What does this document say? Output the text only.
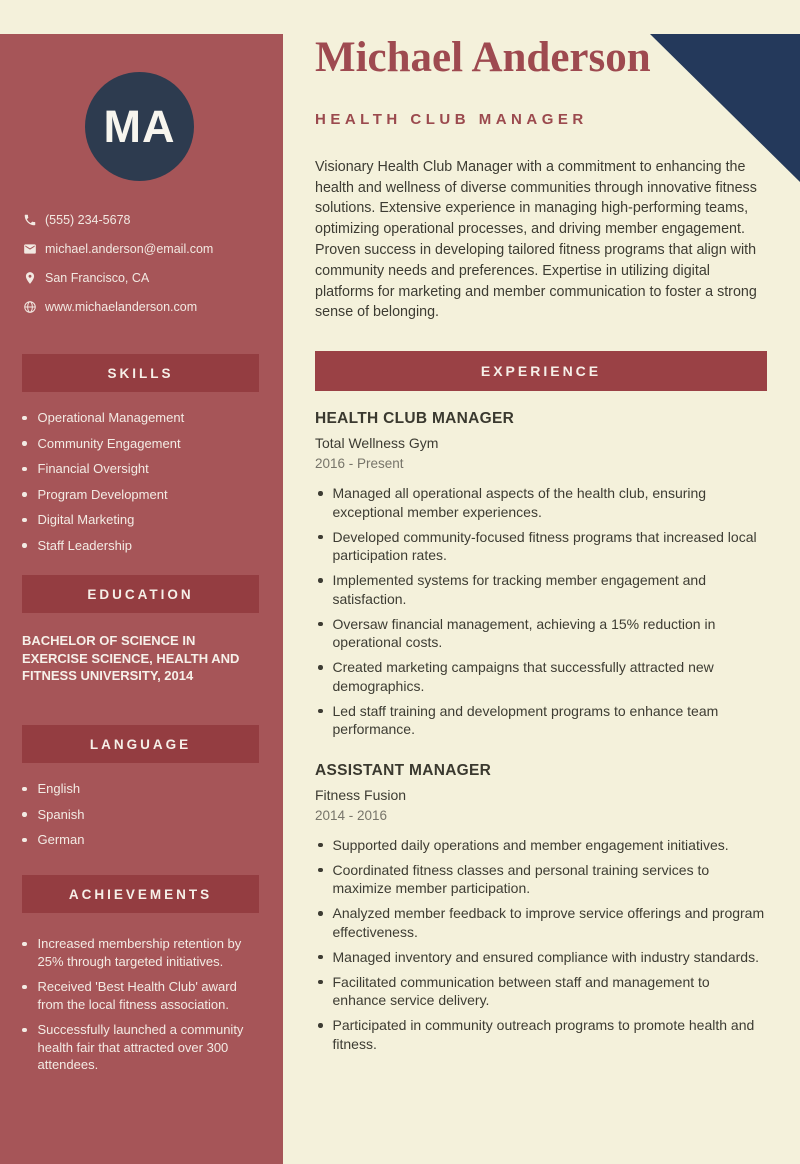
MA
(555) 234-5678
michael.anderson@email.com
San Francisco, CA
www.michaelanderson.com
SKILLS
Operational Management
Community Engagement
Financial Oversight
Program Development
Digital Marketing
Staff Leadership
EDUCATION
BACHELOR OF SCIENCE IN EXERCISE SCIENCE, HEALTH AND FITNESS UNIVERSITY, 2014
LANGUAGE
English
Spanish
German
ACHIEVEMENTS
Increased membership retention by 25% through targeted initiatives.
Received 'Best Health Club' award from the local fitness association.
Successfully launched a community health fair that attracted over 300 attendees.
Michael Anderson
HEALTH CLUB MANAGER

Visionary Health Club Manager with a commitment to enhancing the health and wellness of diverse communities through innovative fitness solutions. Extensive experience in managing high-performing teams, optimizing operational processes, and driving member engagement. Proven success in developing tailored fitness programs that align with community needs and preferences. Expertise in utilizing digital platforms for marketing and member communication to foster a strong sense of belonging.

EXPERIENCE
HEALTH CLUB MANAGER
Total Wellness Gym
2016 - Present
Managed all operational aspects of the health club, ensuring exceptional member experiences.
Developed community-focused fitness programs that increased local participation rates.
Implemented systems for tracking member engagement and satisfaction.
Oversaw financial management, achieving a 15% reduction in operational costs.
Created marketing campaigns that successfully attracted new demographics.
Led staff training and development programs to enhance team performance.
ASSISTANT MANAGER
Fitness Fusion
2014 - 2016
Supported daily operations and member engagement initiatives.
Coordinated fitness classes and personal training services to maximize member participation.
Analyzed member feedback to improve service offerings and program effectiveness.
Managed inventory and ensured compliance with industry standards.
Facilitated communication between staff and management to enhance service delivery.
Participated in community outreach programs to promote health and fitness.
